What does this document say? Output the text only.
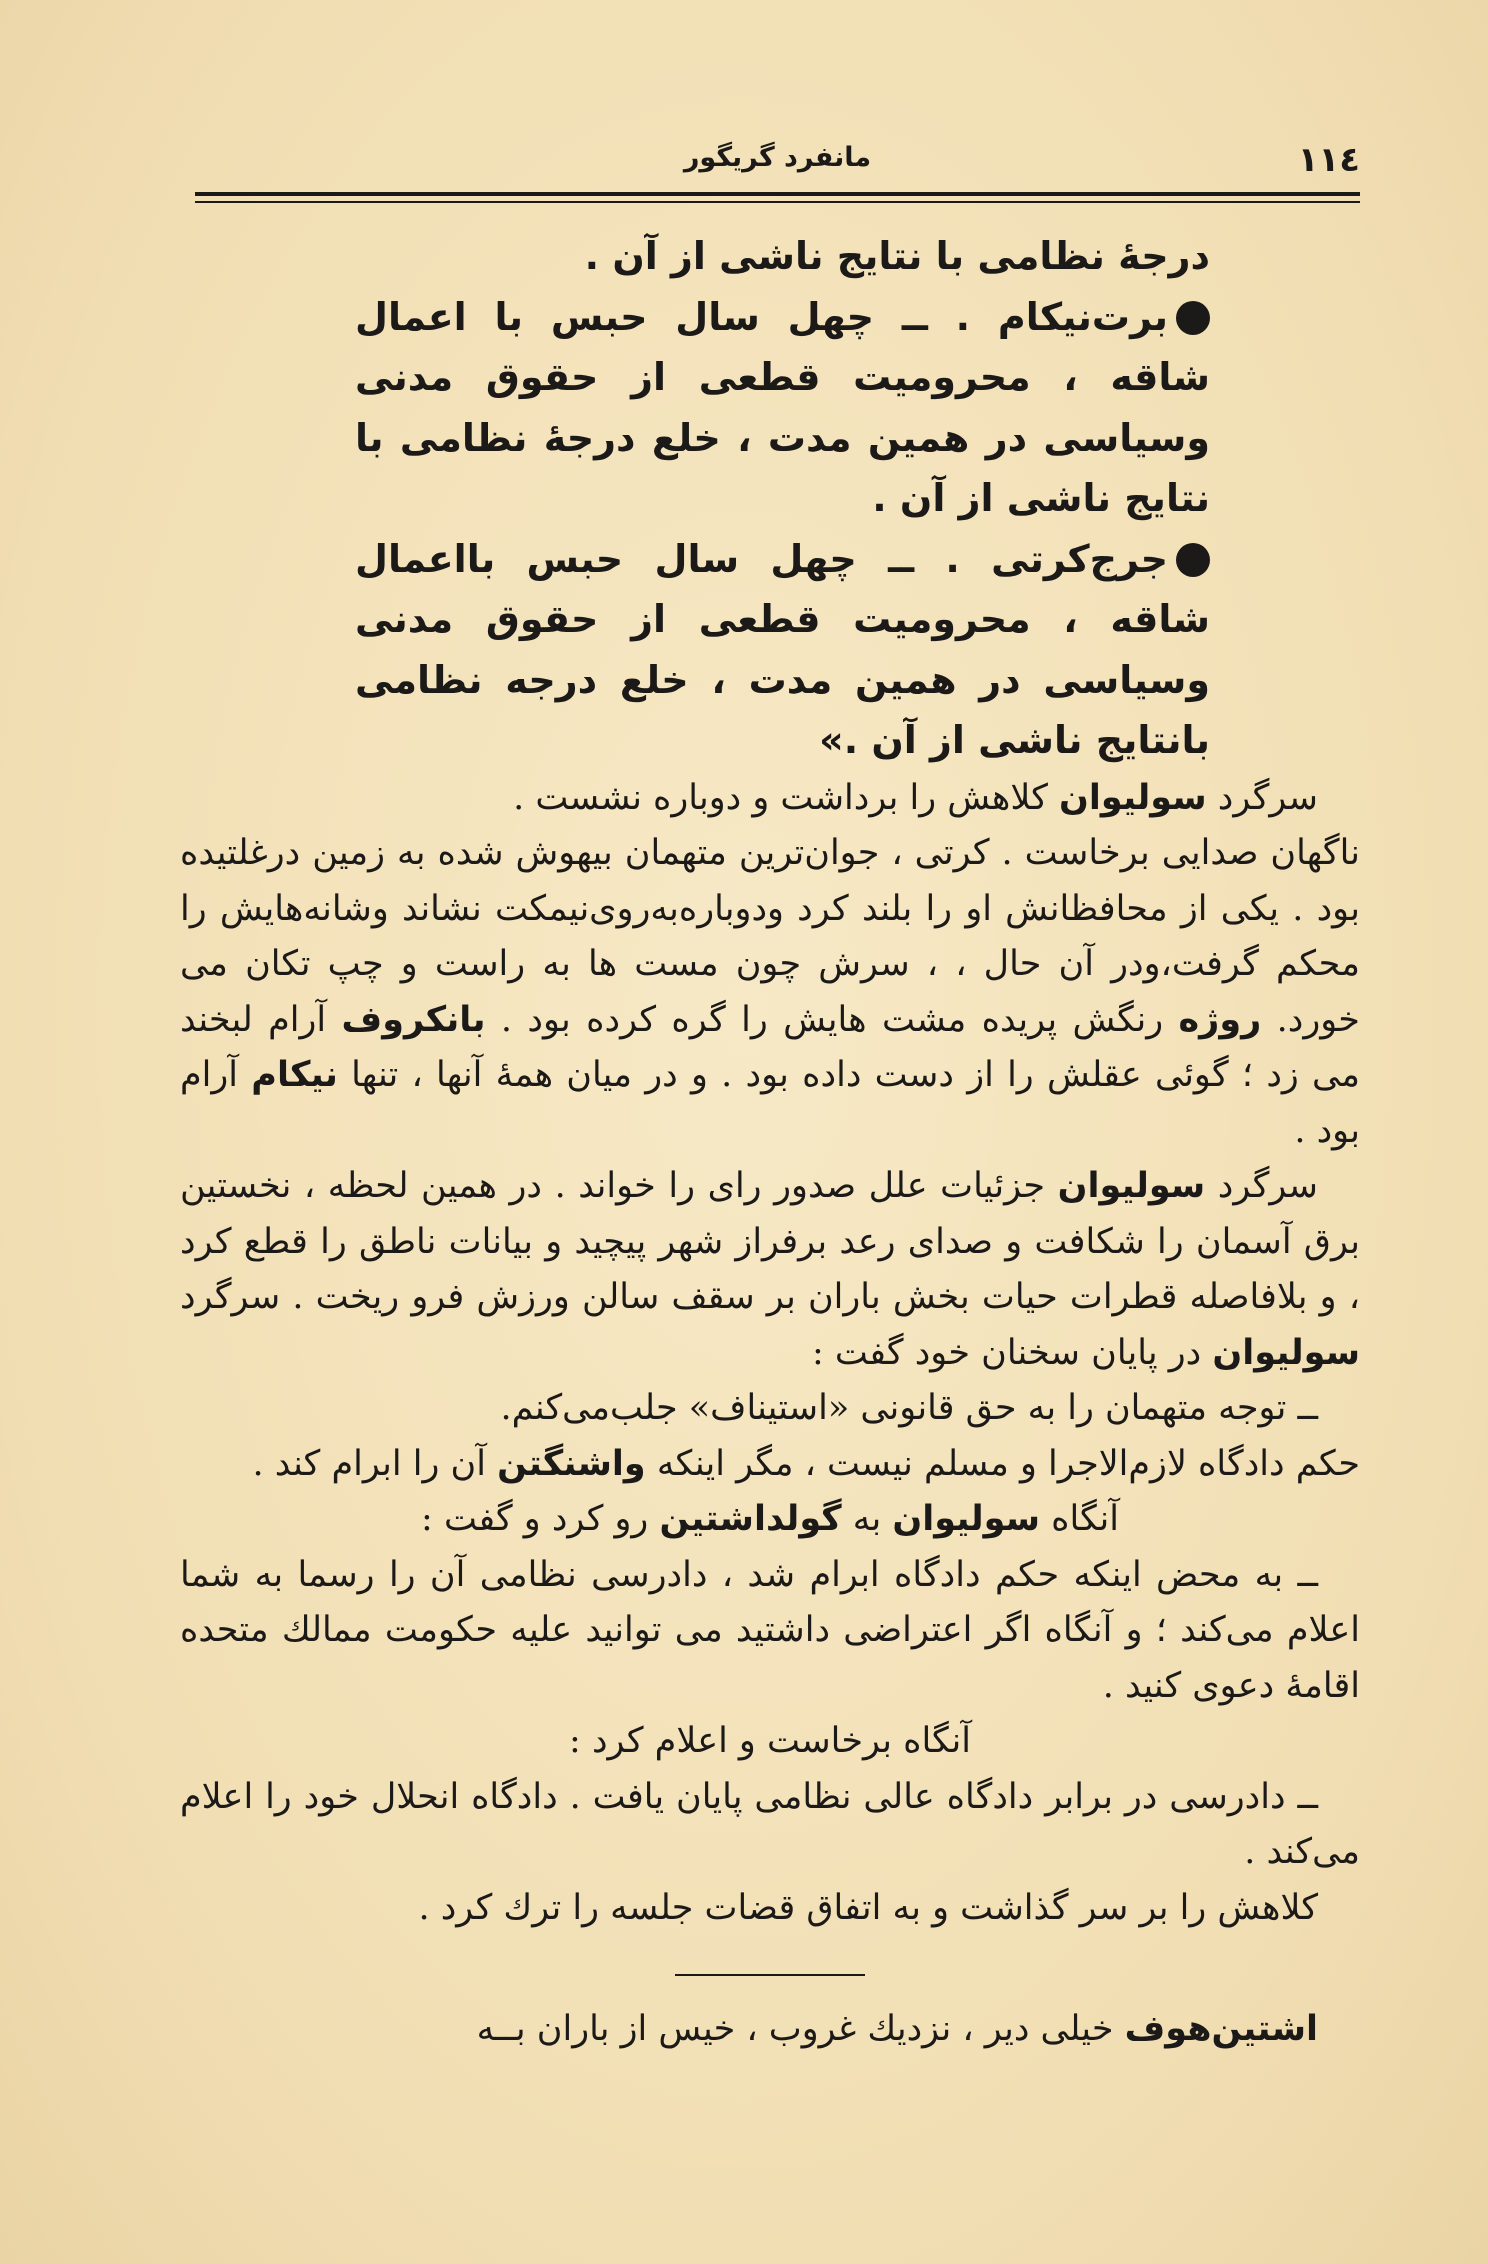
١١٤
مانفرد گریگور

درجۀ نظامی با نتایج ناشی از آن .

برت‌نیکام . ــ چهل سال حبس با اعمال شاقه ، محرومیت قطعی از حقوق مدنی وسیاسی در همین مدت ، خلع درجۀ نظامی با نتایج ناشی از آن .

جرج‌کرتی . ــ چهل سال حبس بااعمال شاقه ، محرومیت قطعی از حقوق مدنی وسیاسی در همین مدت ، خلع درجه نظامی بانتایج ناشی از آن .»

سرگرد سولیوان کلاهش را برداشت و دوباره نشست .

ناگهان صدایی برخاست . کرتی ، جوان‌ترین متهمان بیهوش شده به زمین درغلتیده بود . یکی از محافظانش او را بلند کرد ودوباره‌به‌روی‌نیمکت نشاند وشانه‌هایش را محکم گرفت،ودر آن حال ، ، سرش چون مست ها به راست و چپ تکان می خورد. روژه رنگش پریده مشت هایش را گره کرده بود . بانکروف آرام لبخند می زد ؛ گوئی عقلش را از دست داده بود . و در میان همۀ آنها ، تنها نیکام آرام بود .

سرگرد سولیوان جزئیات علل صدور رای را خواند . در همین لحظه ، نخستین برق آسمان را شکافت و صدای رعد برفراز شهر پیچید و بیانات ناطق را قطع کرد ، و بلافاصله قطرات حیات بخش باران بر سقف سالن ورزش فرو ریخت . سرگرد سولیوان در پایان سخنان خود گفت :

ــ توجه متهمان را به حق قانونی «استیناف» جلب‌می‌کنم.

حکم دادگاه لازم‌الاجرا و مسلم نیست ، مگر اینکه واشنگتن آن را ابرام کند .

آنگاه سولیوان به گولداشتین رو کرد و گفت :

ــ به محض اینکه حکم دادگاه ابرام شد ، دادرسی نظامی آن را رسما به شما اعلام می‌کند ؛ و آنگاه اگر اعتراضی داشتید می توانید علیه حکومت ممالك متحده اقامۀ دعوی کنید .

آنگاه برخاست و اعلام کرد :

ــ دادرسی در برابر دادگاه عالی نظامی پایان یافت . دادگاه انحلال خود را اعلام می‌کند .

کلاهش را بر سر گذاشت و به اتفاق قضات جلسه را ترك کرد .

اشتین‌هوف خیلی دیر ، نزدیك غروب ، خیس از باران بــه
